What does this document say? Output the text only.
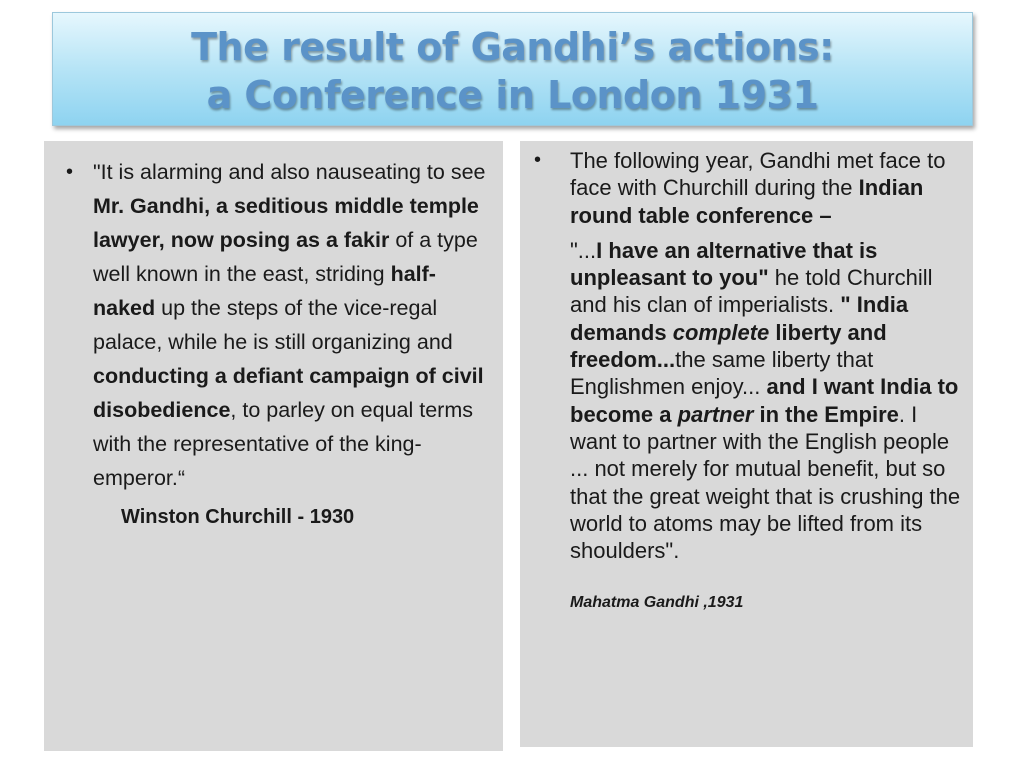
The result of Gandhi’s actions:
a Conference in London 1931
• "It is alarming and also nauseating to see Mr. Gandhi, a seditious middle temple lawyer, now posing as a fakir of a type well known in the east, striding half-naked up the steps of the vice-regal palace, while he is still organizing and conducting a defiant campaign of civil disobedience, to parley on equal terms with the representative of the king-emperor.“
Winston Churchill - 1930
•	The following year, Gandhi met face to face with Churchill during the Indian round table conference –
"...I have an alternative that is unpleasant to you" he told Churchill and his clan of imperialists. " India demands complete liberty and freedom...the same liberty that Englishmen enjoy... and I want India to become a partner in the Empire. I want to partner with the English people ... not merely for mutual benefit, but so that the great weight that is crushing the world to atoms may be lifted from its shoulders".
Mahatma Gandhi ,1931
